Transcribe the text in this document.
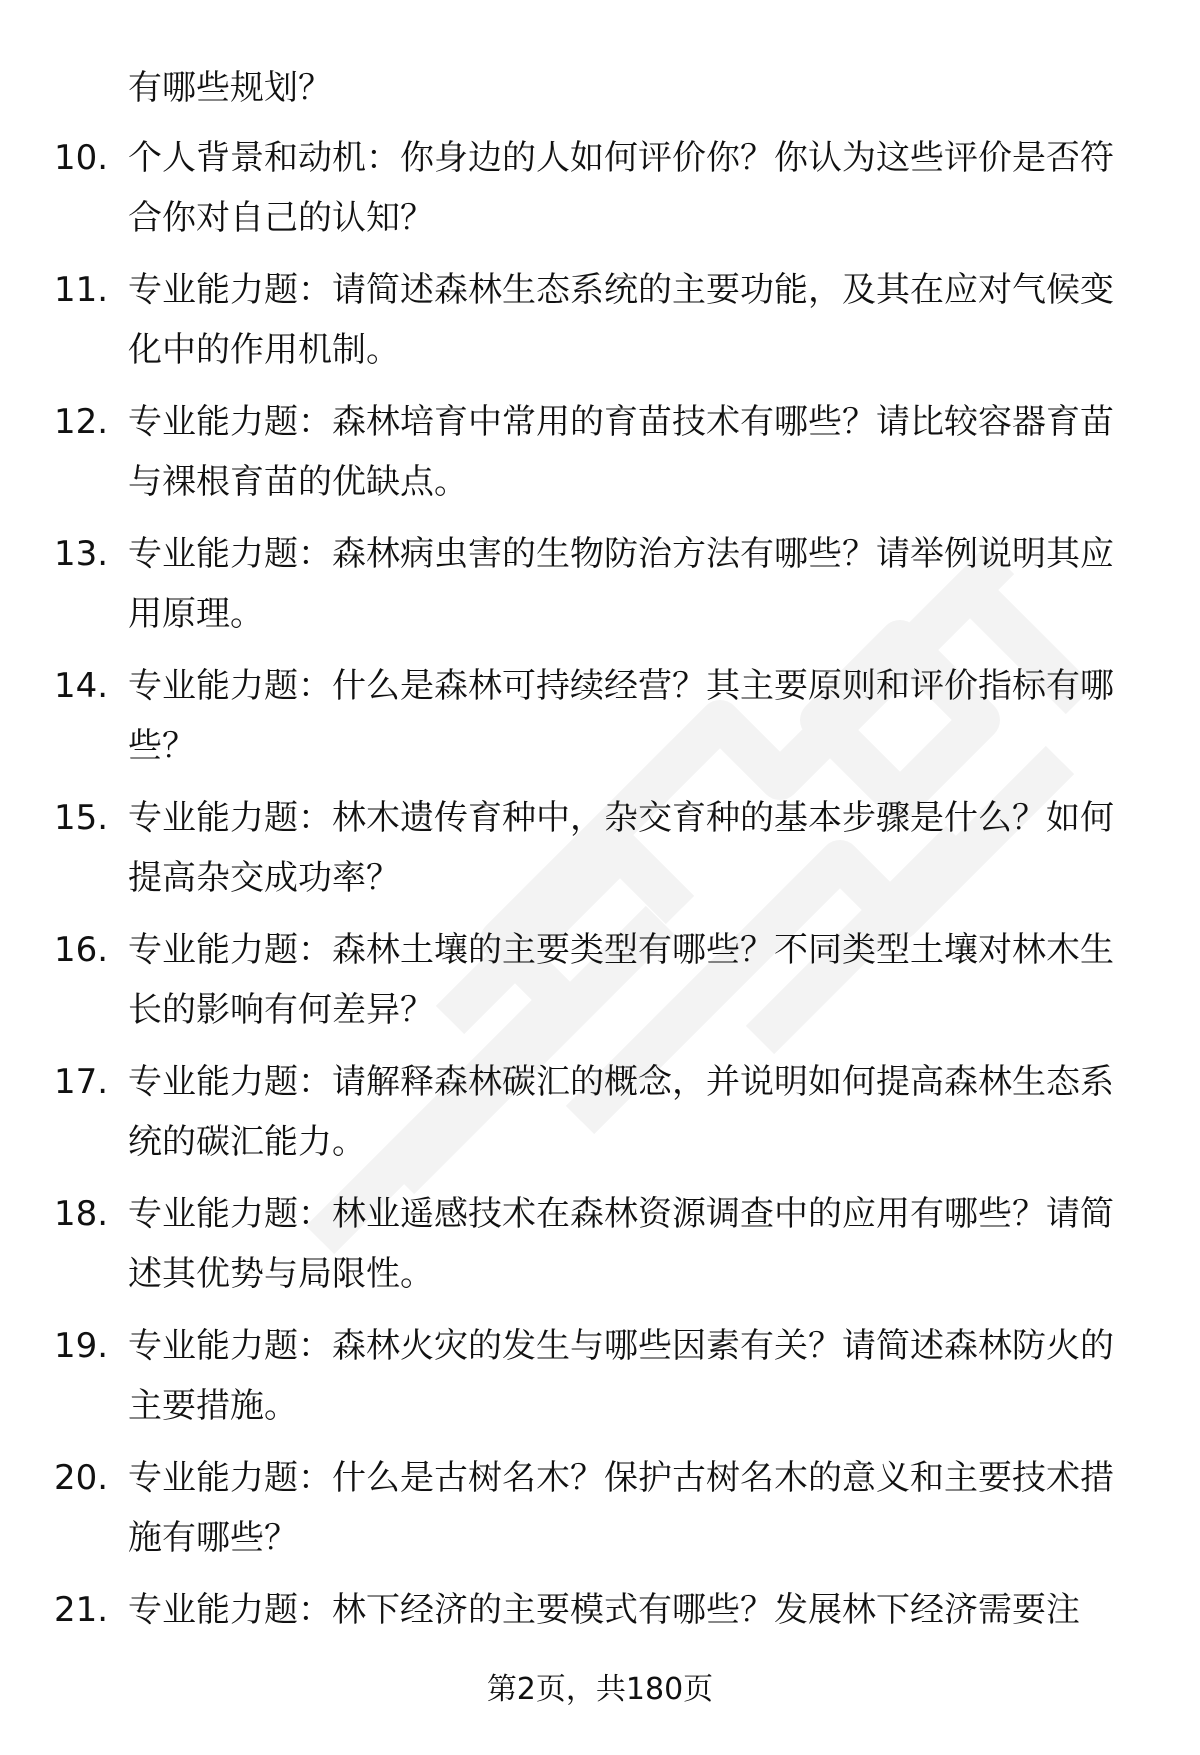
有哪些规划？

10. 个人背景和动机：你身边的人如何评价你？你认为这些评价是否符合你对自己的认知？
11. 专业能力题：请简述森林生态系统的主要功能，及其在应对气候变化中的作用机制。
12. 专业能力题：森林培育中常用的育苗技术有哪些？请比较容器育苗与裸根育苗的优缺点。
13. 专业能力题：森林病虫害的生物防治方法有哪些？请举例说明其应用原理。
14. 专业能力题：什么是森林可持续经营？其主要原则和评价指标有哪些？
15. 专业能力题：林木遗传育种中，杂交育种的基本步骤是什么？如何提高杂交成功率？
16. 专业能力题：森林土壤的主要类型有哪些？不同类型土壤对林木生长的影响有何差异？
17. 专业能力题：请解释森林碳汇的概念，并说明如何提高森林生态系统的碳汇能力。
18. 专业能力题：林业遥感技术在森林资源调查中的应用有哪些？请简述其优势与局限性。
19. 专业能力题：森林火灾的发生与哪些因素有关？请简述森林防火的主要措施。
20. 专业能力题：什么是古树名木？保护古树名木的意义和主要技术措施有哪些？
21. 专业能力题：林下经济的主要模式有哪些？发展林下经济需要注
第2页，共180页
